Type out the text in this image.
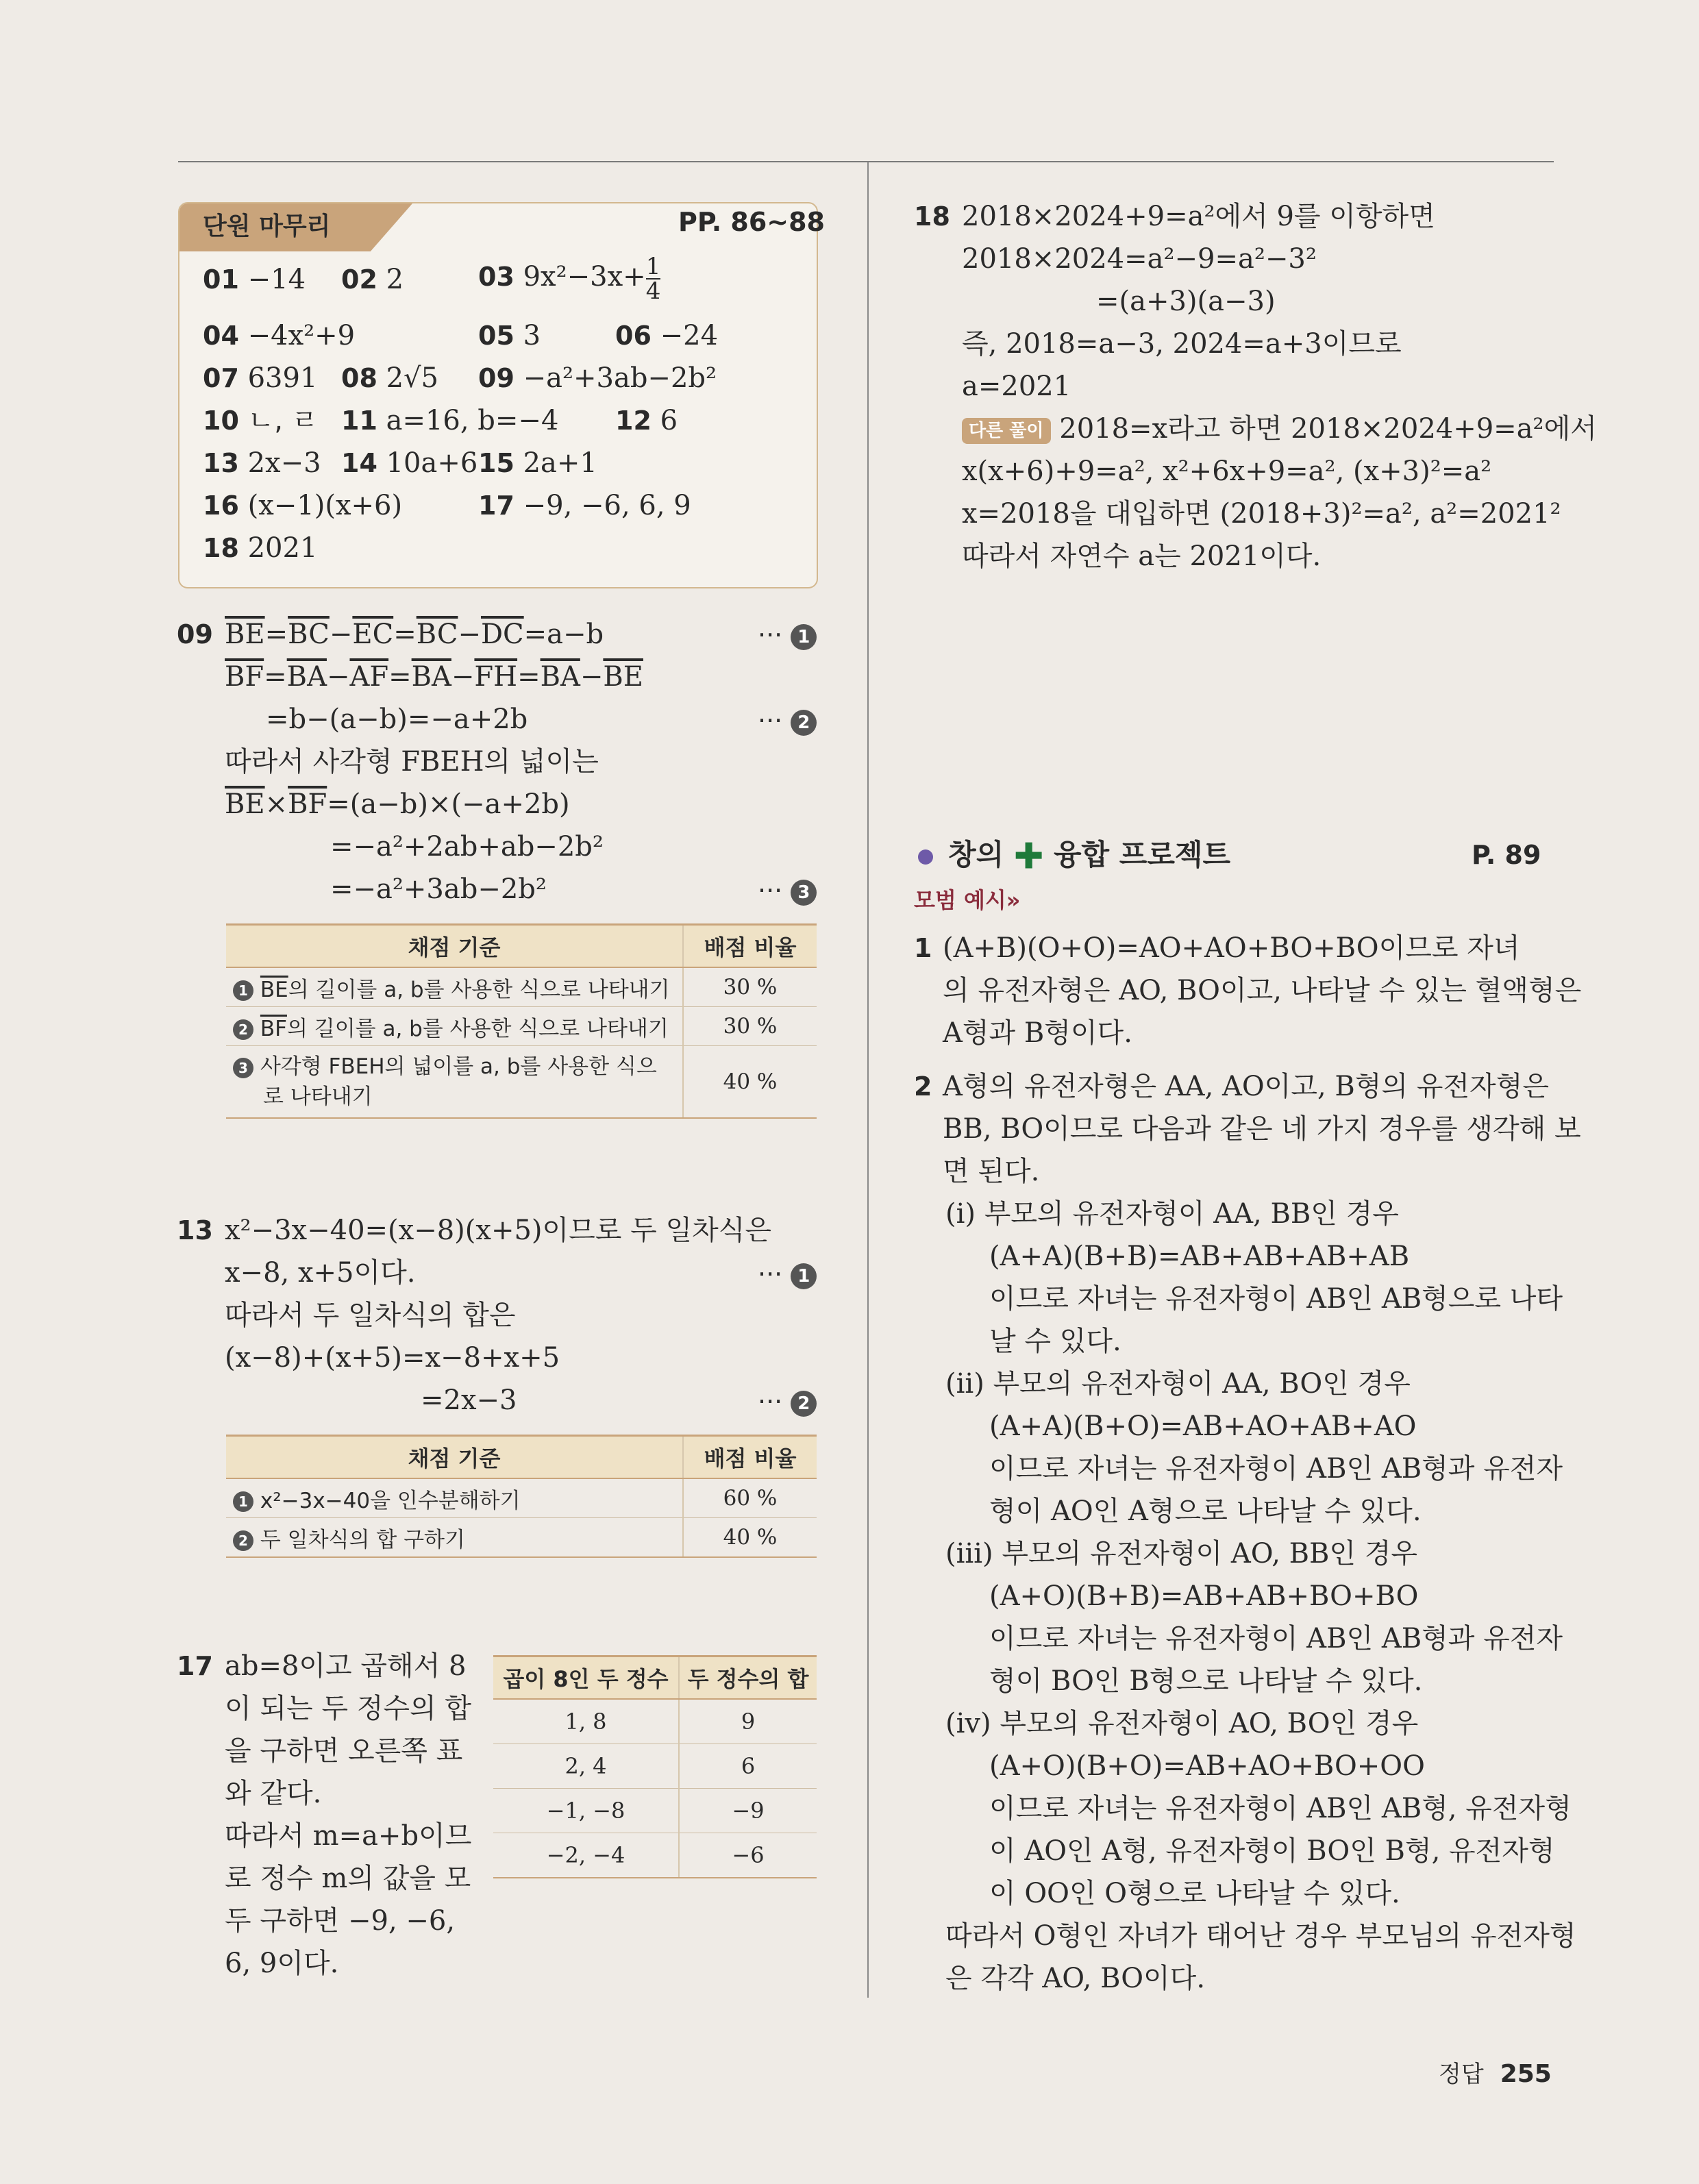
단원 마무리	PP. 86~88
01 −14 02 2	03 $9x^2-3x+ \frac{1}{4}$
04 −4x²+9	05 3	06 −24
07 6391 08 2√5 09 −a²+3ab−2b²
10 ㄴ, ㄹ 11 a=16, b=−4 12 6
13 2x−3 14 10a+6 15 2a+1
16 (x−1)(x+6)	17 −9, −6, 6, 9
18 2021
09 $\overline{BE}=\overline{BC}-\overline{EC}=\overline{BC}-\overline{DC}=a-b$	··· 1
$\overline{BF}=\overline{BA}-\overline{AF}=\overline{BA}-\overline{FH}=\overline{BA}-\overline{BE}$
=b−(a−b)=−a+2b	··· 2
따라서 사각형 FBEH의 넓이는
$\overline{BE}\times\overline{BF}=(a-b)\times(-a+2b)$
=−a²+2ab+ab−2b²
=−a²+3ab−2b²	··· 3
채점 기준	배점 비율
1 $\overline{BE}$의 길이를 a, b를 사용한 식으로 나타내기	30 %
2 $\overline{BF}$의 길이를 a, b를 사용한 식으로 나타내기	30 %
3 사각형 FBEH의 넓이를 a, b를 사용한 식으
로 나타내기	40 %
13 x²−3x−40=(x−8)(x+5)이므로 두 일차식은
x−8, x+5이다.	··· 1
따라서 두 일차식의 합은
(x−8)+(x+5)=x−8+x+5
=2x−3	··· 2
채점 기준	배점 비율
1 x²−3x−40을 인수분해하기	60 %
2 두 일차식의 합 구하기	40 %
17 ab=8이고 곱해서 8
이 되는 두 정수의 합
을 구하면 오른쪽 표
와 같다.
따라서 m=a+b이므
로 정수 m의 값을 모
두 구하면 −9, −6,
6, 9이다.
곱이 8인 두 정수	두 정수의 합
1, 8	9
2, 4	6
−1, −8	−9
−2, −4	−6
18 2018×2024+9=a²에서 9를 이항하면
2018×2024=a²−9=a²−3²
=(a+3)(a−3)
즉, 2018=a−3, 2024=a+3이므로
a=2021
다른 풀이 2018=x라고 하면 2018×2024+9=a²에서
x(x+6)+9=a², x²+6x+9=a², (x+3)²=a²
x=2018을 대입하면 (2018+3)²=a², a²=2021²
따라서 자연수 a는 2021이다.
창의 ✚ 융합 프로젝트	P. 89
모범 예시»
1 (A+B)(O+O)=AO+AO+BO+BO이므로 자녀
의 유전자형은 AO, BO이고, 나타날 수 있는 혈액형은
A형과 B형이다.
2 A형의 유전자형은 AA, AO이고, B형의 유전자형은
BB, BO이므로 다음과 같은 네 가지 경우를 생각해 보
면 된다.
(ⅰ) 부모의 유전자형이 AA, BB인 경우
(A+A)(B+B)=AB+AB+AB+AB
이므로 자녀는 유전자형이 AB인 AB형으로 나타
날 수 있다.
(ⅱ) 부모의 유전자형이 AA, BO인 경우
(A+A)(B+O)=AB+AO+AB+AO
이므로 자녀는 유전자형이 AB인 AB형과 유전자
형이 AO인 A형으로 나타날 수 있다.
(ⅲ) 부모의 유전자형이 AO, BB인 경우
(A+O)(B+B)=AB+AB+BO+BO
이므로 자녀는 유전자형이 AB인 AB형과 유전자
형이 BO인 B형으로 나타날 수 있다.
(ⅳ) 부모의 유전자형이 AO, BO인 경우
(A+O)(B+O)=AB+AO+BO+OO
이므로 자녀는 유전자형이 AB인 AB형, 유전자형
이 AO인 A형, 유전자형이 BO인 B형, 유전자형
이 OO인 O형으로 나타날 수 있다.
따라서 O형인 자녀가 태어난 경우 부모님의 유전자형
은 각각 AO, BO이다.
정답 255
